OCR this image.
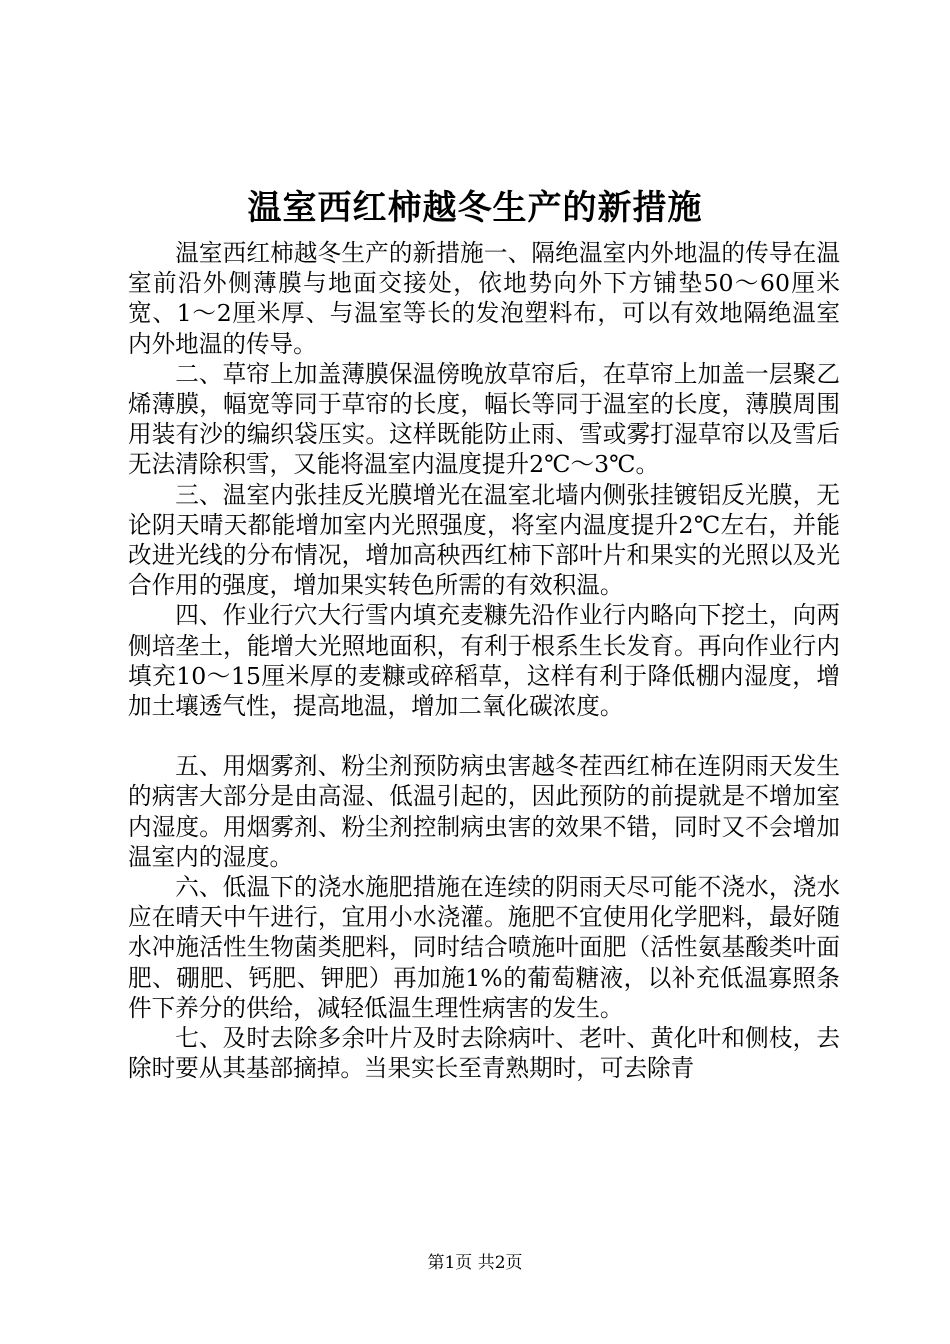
温室西红柿越冬生产的新措施

温室西红柿越冬生产的新措施一、隔绝温室内外地温的传导在温室前沿外侧薄膜与地面交接处，依地势向外下方铺垫50～60厘米宽、1～2厘米厚、与温室等长的发泡塑料布，可以有效地隔绝温室内外地温的传导。

二、草帘上加盖薄膜保温傍晚放草帘后，在草帘上加盖一层聚乙烯薄膜，幅宽等同于草帘的长度，幅长等同于温室的长度，薄膜周围用装有沙的编织袋压实。这样既能防止雨、雪或雾打湿草帘以及雪后无法清除积雪，又能将温室内温度提升2℃～3℃。

三、温室内张挂反光膜增光在温室北墙内侧张挂镀铝反光膜，无论阴天晴天都能增加室内光照强度，将室内温度提升2℃左右，并能改进光线的分布情况，增加高秧西红柿下部叶片和果实的光照以及光合作用的强度，增加果实转色所需的有效积温。

四、作业行穴大行雪内填充麦糠先沿作业行内略向下挖土，向两侧培垄土，能增大光照地面积，有利于根系生长发育。再向作业行内填充10～15厘米厚的麦糠或碎稻草，这样有利于降低棚内湿度，增加土壤透气性，提高地温，增加二氧化碳浓度。

五、用烟雾剂、粉尘剂预防病虫害越冬茬西红柿在连阴雨天发生的病害大部分是由高湿、低温引起的，因此预防的前提就是不增加室内湿度。用烟雾剂、粉尘剂控制病虫害的效果不错，同时又不会增加温室内的湿度。

六、低温下的浇水施肥措施在连续的阴雨天尽可能不浇水，浇水应在晴天中午进行，宜用小水浇灌。施肥不宜使用化学肥料，最好随水冲施活性生物菌类肥料，同时结合喷施叶面肥（活性氨基酸类叶面肥、硼肥、钙肥、钾肥）再加施1%的葡萄糖液，以补充低温寡照条件下养分的供给，减轻低温生理性病害的发生。

七、及时去除多余叶片及时去除病叶、老叶、黄化叶和侧枝，去除时要从其基部摘掉。当果实长至青熟期时，可去除青

第1页 共2页
